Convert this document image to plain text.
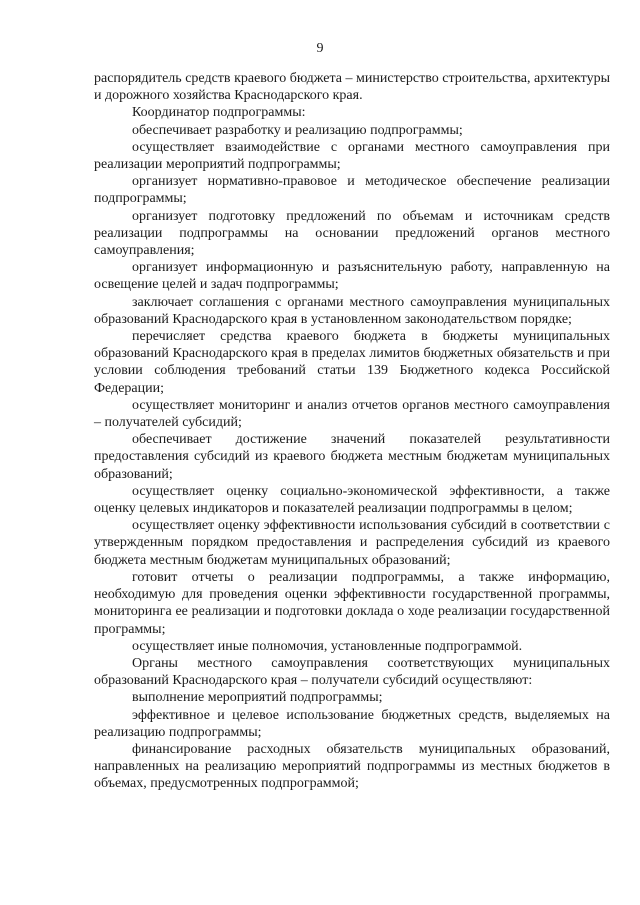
9

распорядитель средств краевого бюджета – министерство строительства, архитектуры и дорожного хозяйства Краснодарского края.

Координатор подпрограммы:

обеспечивает разработку и реализацию подпрограммы;

осуществляет взаимодействие с органами местного самоуправления при реализации мероприятий подпрограммы;

организует нормативно-правовое и методическое обеспечение реализации подпрограммы;

организует подготовку предложений по объемам и источникам средств реализации подпрограммы на основании предложений органов местного самоуправления;

организует информационную и разъяснительную работу, направленную на освещение целей и задач подпрограммы;

заключает соглашения с органами местного самоуправления муниципальных образований Краснодарского края в установленном законодательством порядке;

перечисляет средства краевого бюджета в бюджеты муниципальных образований Краснодарского края в пределах лимитов бюджетных обязательств и при условии соблюдения требований статьи 139 Бюджетного кодекса Российской Федерации;

осуществляет мониторинг и анализ отчетов органов местного самоуправления – получателей субсидий;

обеспечивает достижение значений показателей результативности предоставления субсидий из краевого бюджета местным бюджетам муниципальных образований;

осуществляет оценку социально-экономической эффективности, а также оценку целевых индикаторов и показателей реализации подпрограммы в целом;

осуществляет оценку эффективности использования субсидий в соответствии с утвержденным порядком предоставления и распределения субсидий из краевого бюджета местным бюджетам муниципальных образований;

готовит отчеты о реализации подпрограммы, а также информацию, необходимую для проведения оценки эффективности государственной программы, мониторинга ее реализации и подготовки доклада о ходе реализации государственной программы;

осуществляет иные полномочия, установленные подпрограммой.

Органы местного самоуправления соответствующих муниципальных образований Краснодарского края – получатели субсидий осуществляют:

выполнение мероприятий подпрограммы;

эффективное и целевое использование бюджетных средств, выделяемых на реализацию подпрограммы;

финансирование расходных обязательств муниципальных образований, направленных на реализацию мероприятий подпрограммы из местных бюджетов в объемах, предусмотренных подпрограммой;
